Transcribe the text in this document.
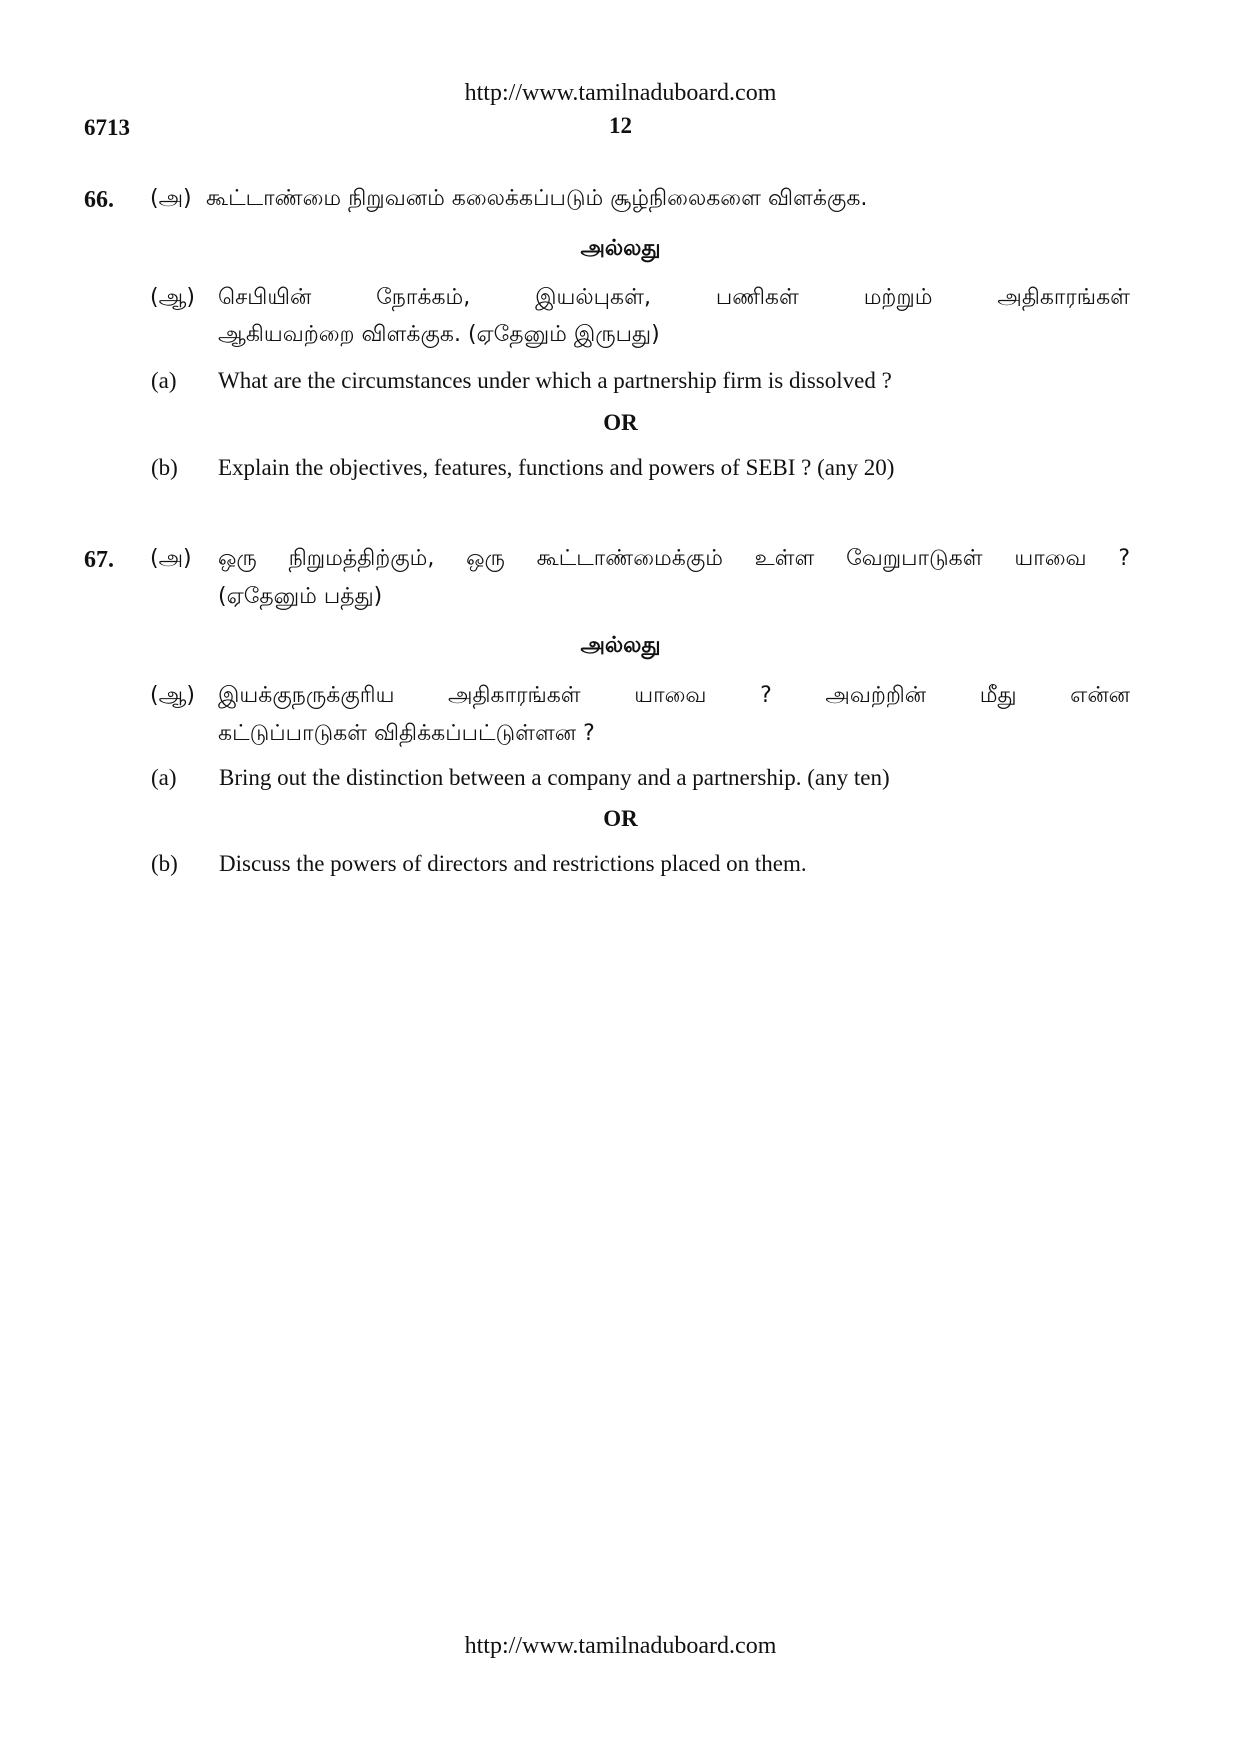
http://www.tamilnaduboard.com
6713	12
66. (அ) கூட்டாண்மை நிறுவனம் கலைக்கப்படும் சூழ்நிலைகளை விளக்குக.
அல்லது
(ஆ) செபியின் நோக்கம், இயல்புகள், பணிகள் மற்றும் அதிகாரங்கள்
ஆகியவற்றை விளக்குக. (ஏதேனும் இருபது)
(a) What are the circumstances under which a partnership firm is dissolved ?
OR
(b) Explain the objectives, features, functions and powers of SEBI ? (any 20)
67. (அ) ஒரு நிறுமத்திற்கும், ஒரு கூட்டாண்மைக்கும் உள்ள வேறுபாடுகள் யாவை ?
(ஏதேனும் பத்து)
அல்லது
(ஆ) இயக்குநருக்குரிய அதிகாரங்கள் யாவை ? அவற்றின் மீது என்ன
கட்டுப்பாடுகள் விதிக்கப்பட்டுள்ளன ?
(a) Bring out the distinction between a company and a partnership. (any ten)
OR
(b) Discuss the powers of directors and restrictions placed on them.
http://www.tamilnaduboard.com
